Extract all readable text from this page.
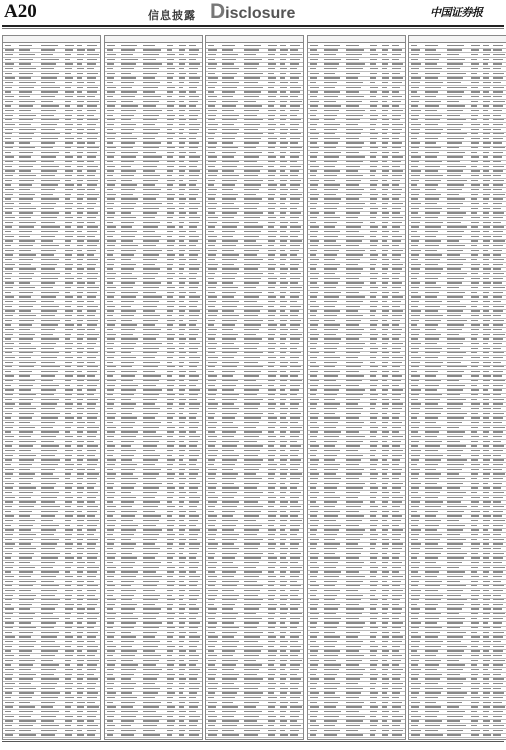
A20	信息披露 Disclosure	中国证券报
